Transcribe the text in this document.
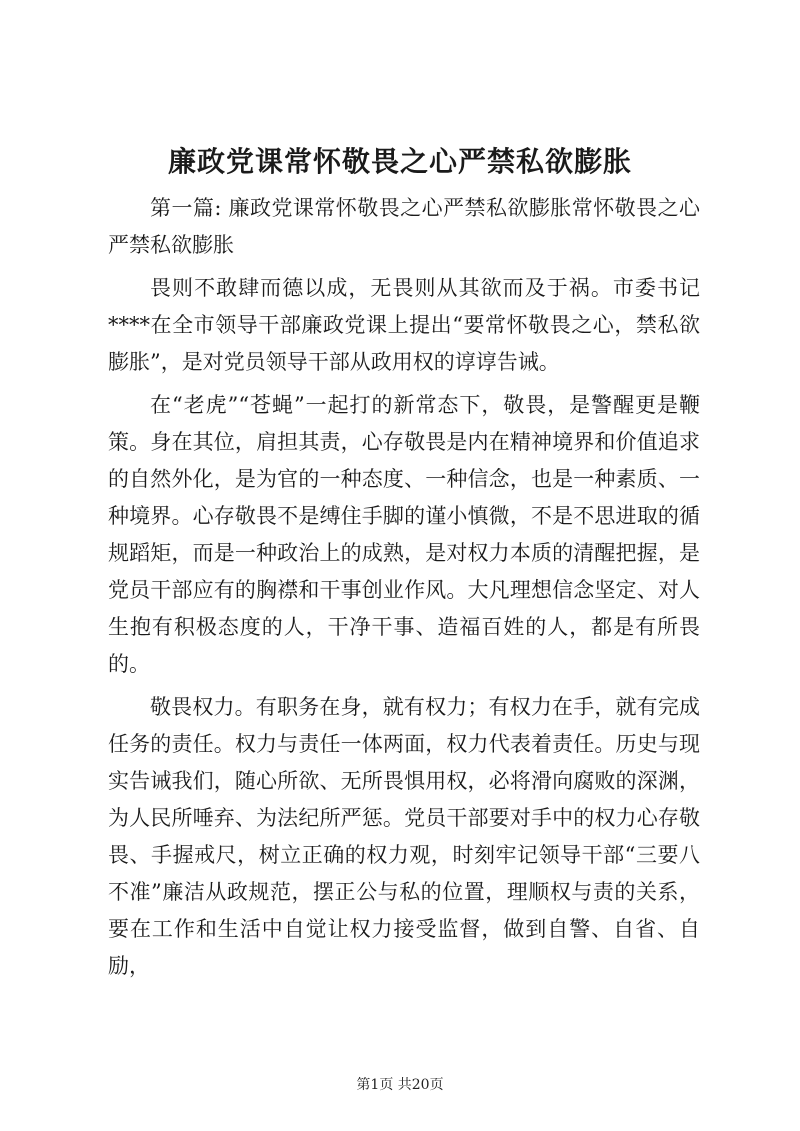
廉政党课常怀敬畏之心严禁私欲膨胀

第一篇: 廉政党课常怀敬畏之心严禁私欲膨胀常怀敬畏之心严禁私欲膨胀

畏则不敢肆而德以成，无畏则从其欲而及于祸。市委书记****在全市领导干部廉政党课上提出“要常怀敬畏之心，禁私欲膨胀”，是对党员领导干部从政用权的谆谆告诫。

在“老虎”“苍蝇”一起打的新常态下，敬畏，是警醒更是鞭策。身在其位，肩担其责，心存敬畏是内在精神境界和价值追求的自然外化，是为官的一种态度、一种信念，也是一种素质、一种境界。心存敬畏不是缚住手脚的谨小慎微，不是不思进取的循规蹈矩，而是一种政治上的成熟，是对权力本质的清醒把握，是党员干部应有的胸襟和干事创业作风。大凡理想信念坚定、对人生抱有积极态度的人，干净干事、造福百姓的人，都是有所畏的。

敬畏权力。有职务在身，就有权力；有权力在手，就有完成任务的责任。权力与责任一体两面，权力代表着责任。历史与现实告诫我们，随心所欲、无所畏惧用权，必将滑向腐败的深渊，为人民所唾弃、为法纪所严惩。党员干部要对手中的权力心存敬畏、手握戒尺，树立正确的权力观，时刻牢记领导干部“三要八不准”廉洁从政规范，摆正公与私的位置，理顺权与责的关系，要在工作和生活中自觉让权力接受监督，做到自警、自省、自励，

第1页 共20页
